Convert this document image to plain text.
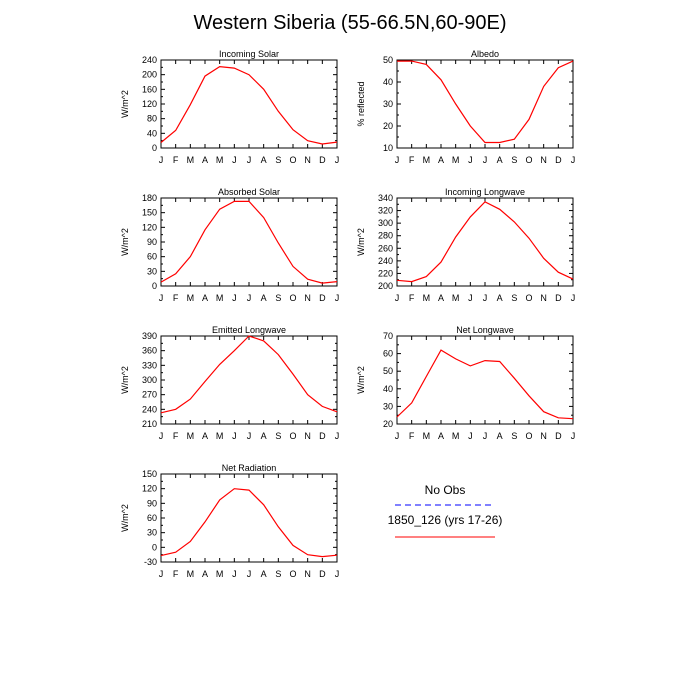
Western Siberia (55-66.5N,60-90E)
J F M A M J J A S O N D J
0
40
80
120
160
200
240
Incoming Solar
W/m^2
J F M A M J J A S O N D J
10
20
30
40
50
Albedo
% reflected
J F M A M J J A S O N D J
0
30
60
90
120
150
180
Absorbed Solar
W/m^2
J F M A M J J A S O N D J
200
220
240
260
280
300
320
340
Incoming Longwave
W/m^2
J F M A M J J A S O N D J
210
240
270
300
330
360
390
Emitted Longwave
W/m^2
J F M A M J J A S O N D J
20
30
40
50
60
70
Net Longwave
W/m^2
J F M A M J J A S O N D J
-30
0
30
60
90
120
150
Net Radiation
W/m^2
No Obs
1850_126 (yrs 17-26)
